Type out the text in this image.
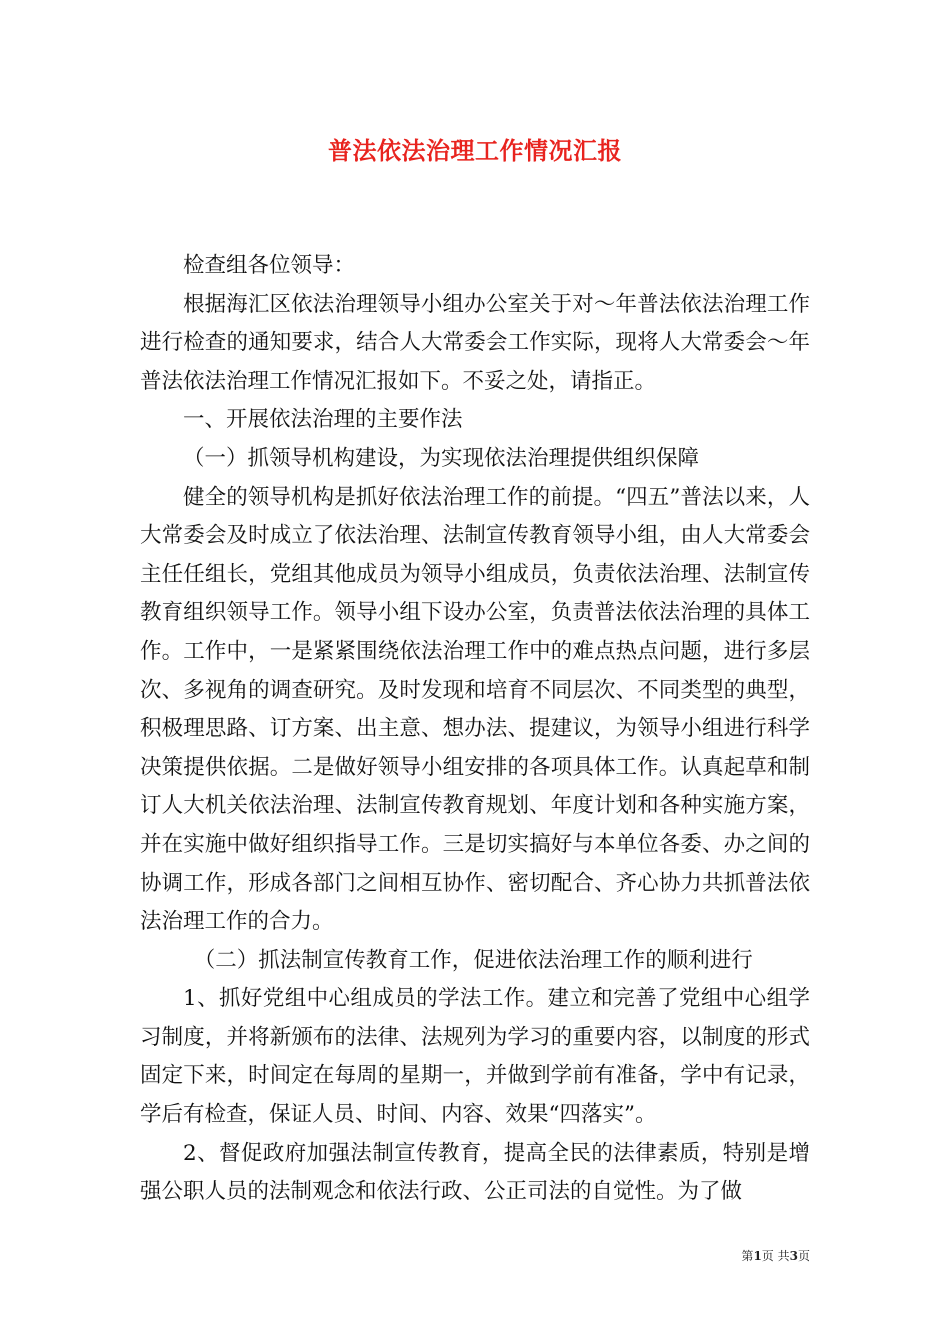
普法依法治理工作情况汇报

检查组各位领导：

根据海汇区依法治理领导小组办公室关于对～年普法依法治理工作进行检查的通知要求，结合人大常委会工作实际，现将人大常委会～年普法依法治理工作情况汇报如下。不妥之处，请指正。

一、开展依法治理的主要作法

（一）抓领导机构建设，为实现依法治理提供组织保障

健全的领导机构是抓好依法治理工作的前提。“四五”普法以来，人大常委会及时成立了依法治理、法制宣传教育领导小组，由人大常委会主任任组长，党组其他成员为领导小组成员，负责依法治理、法制宣传教育组织领导工作。领导小组下设办公室，负责普法依法治理的具体工作。工作中，一是紧紧围绕依法治理工作中的难点热点问题，进行多层次、多视角的调查研究。及时发现和培育不同层次、不同类型的典型，积极理思路、订方案、出主意、想办法、提建议，为领导小组进行科学决策提供依据。二是做好领导小组安排的各项具体工作。认真起草和制订人大机关依法治理、法制宣传教育规划、年度计划和各种实施方案，并在实施中做好组织指导工作。三是切实搞好与本单位各委、办之间的协调工作，形成各部门之间相互协作、密切配合、齐心协力共抓普法依法治理工作的合力。

（二）抓法制宣传教育工作，促进依法治理工作的顺利进行

1、抓好党组中心组成员的学法工作。建立和完善了党组中心组学习制度，并将新颁布的法律、法规列为学习的重要内容，以制度的形式固定下来，时间定在每周的星期一，并做到学前有准备，学中有记录，学后有检查，保证人员、时间、内容、效果“四落实”。

2、督促政府加强法制宣传教育，提高全民的法律素质，特别是增强公职人员的法制观念和依法行政、公正司法的自觉性。为了做

第1页 共3页
